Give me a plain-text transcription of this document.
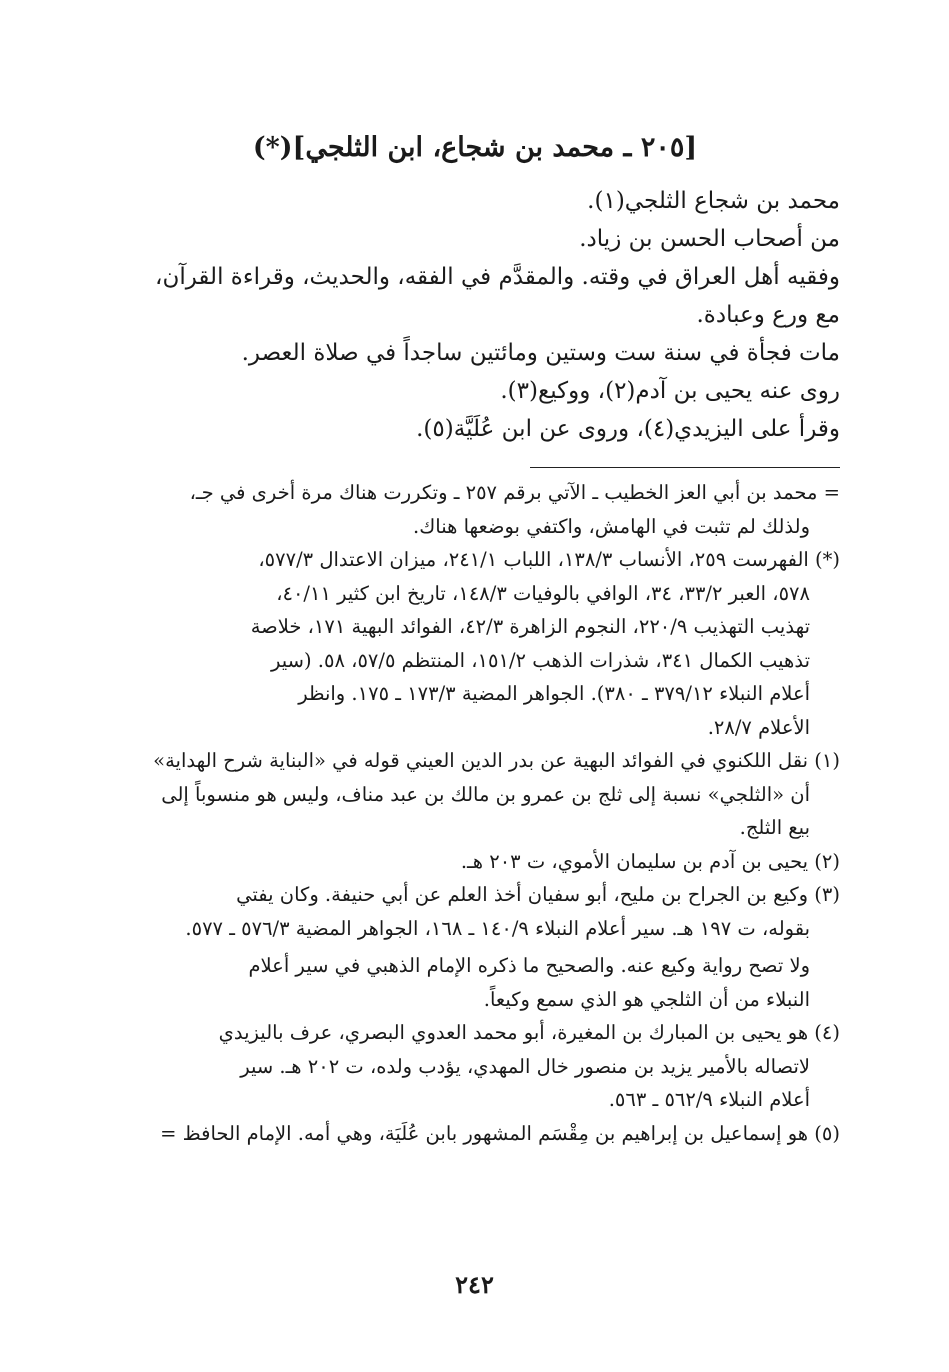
[٢٠٥ ـ محمد بن شجاع، ابن الثلجي](*)
محمد بن شجاع الثلجي(١).
من أصحاب الحسن بن زياد.
وفقيه أهل العراق في وقته. والمقدَّم في الفقه، والحديث، وقراءة القرآن،
مع ورع وعبادة.
مات فجأة في سنة ست وستين ومائتين ساجداً في صلاة العصر.
روى عنه يحيى بن آدم(٢)، ووكيع(٣).
وقرأ على اليزيدي(٤)، وروى عن ابن عُلَيَّة(٥).
= محمد بن أبي العز الخطيب ـ الآتي برقم ٢٥٧ ـ وتكررت هناك مرة أخرى في جـ،
ولذلك لم تثبت في الهامش، واكتفي بوضعها هناك.
(*) الفهرست ٢٥٩، الأنساب ١٣٨/٣، اللباب ٢٤١/١، ميزان الاعتدال ٥٧٧/٣،
٥٧٨، العبر ٣٣/٢، ٣٤، الوافي بالوفيات ١٤٨/٣، تاريخ ابن كثير ٤٠/١١،
تهذيب التهذيب ٢٢٠/٩، النجوم الزاهرة ٤٢/٣، الفوائد البهية ١٧١، خلاصة
تذهيب الكمال ٣٤١، شذرات الذهب ١٥١/٢، المنتظم ٥٧/٥، ٥٨. (سير
أعلام النبلاء ٣٧٩/١٢ ـ ٣٨٠). الجواهر المضية ١٧٣/٣ ـ ١٧٥. وانظر
الأعلام ٢٨/٧.
(١) نقل اللكنوي في الفوائد البهية عن بدر الدين العيني قوله في «البناية شرح الهداية»
أن «الثلجي» نسبة إلى ثلج بن عمرو بن مالك بن عبد مناف، وليس هو منسوباً إلى
بيع الثلج.
(٢) يحيى بن آدم بن سليمان الأموي، ت ٢٠٣ هـ.
(٣) وكيع بن الجراح بن مليح، أبو سفيان أخذ العلم عن أبي حنيفة. وكان يفتي
بقوله، ت ١٩٧ هـ. سير أعلام النبلاء ١٤٠/٩ ـ ١٦٨، الجواهر المضية ٥٧٦/٣ ـ ٥٧٧.
ولا تصح رواية وكيع عنه. والصحيح ما ذكره الإمام الذهبي في سير أعلام
النبلاء من أن الثلجي هو الذي سمع وكيعاً.
(٤) هو يحيى بن المبارك بن المغيرة، أبو محمد العدوي البصري، عرف باليزيدي
لاتصاله بالأمير يزيد بن منصور خال المهدي، يؤدب ولده، ت ٢٠٢ هـ. سير
أعلام النبلاء ٥٦٢/٩ ـ ٥٦٣.
(٥) هو إسماعيل بن إبراهيم بن مِقْسَم المشهور بابن عُلَيَة، وهي أمه. الإمام الحافظ =
٢٤٢
